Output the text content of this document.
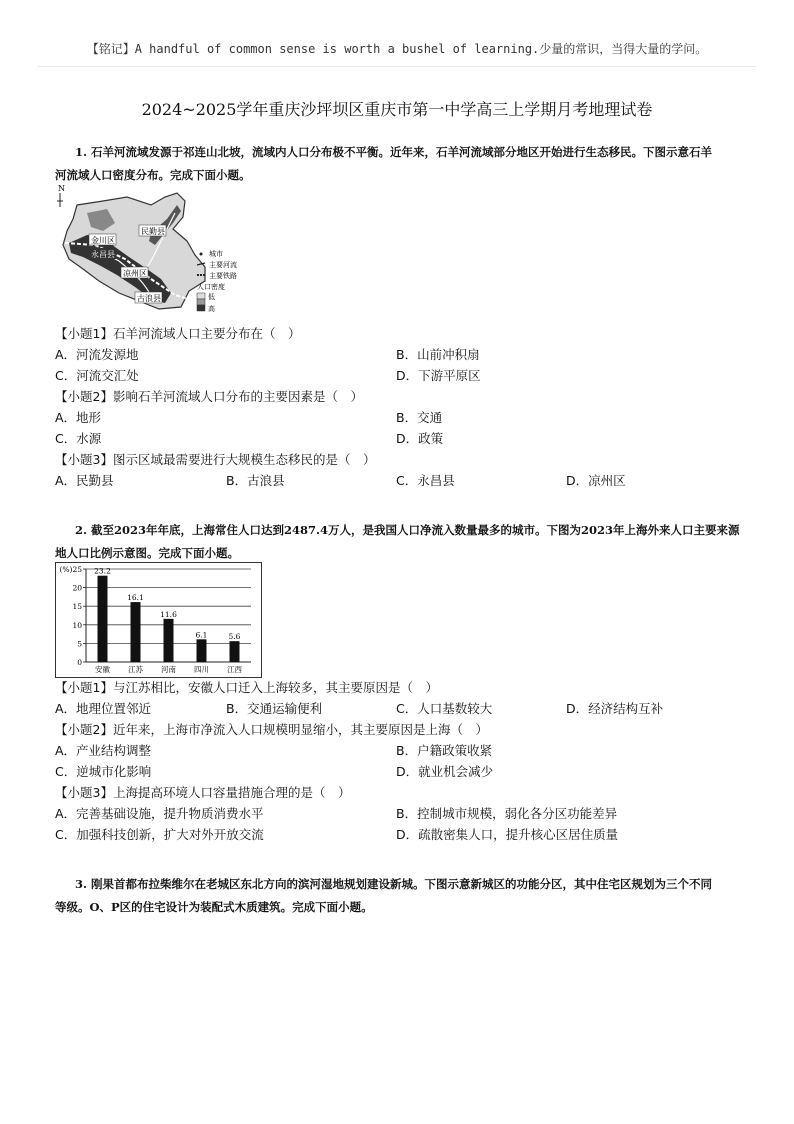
【铭记】A handful of common sense is worth a bushel of learning.少量的常识，当得大量的学问。
2024~2025学年重庆沙坪坝区重庆市第一中学高三上学期月考地理试卷
1. 石羊河流域发源于祁连山北坡，流域内人口分布极不平衡。近年来，石羊河流域部分地区开始进行生态移民。下图示意石羊
河流域人口密度分布。完成下面小题。
N
民勤县
金川区
永昌县
凉州区
古浪县
城市
主要河流
主要铁路
人口密度
低
高
【小题1】石羊河流域人口主要分布在（　）
A．河流发源地	B．山前冲积扇
C．河流交汇处	D．下游平原区
【小题2】影响石羊河流域人口分布的主要因素是（　）
A．地形	B．交通
C．水源	D．政策
【小题3】图示区域最需要进行大规模生态移民的是（　）
A．民勤县	B．古浪县	C．永昌县	D．凉州区
2. 截至2023年年底，上海常住人口达到2487.4万人，是我国人口净流入数量最多的城市。下图为2023年上海外来人口主要来源
地人口比例示意图。完成下面小题。
0
5
10
15
20
(%)25 23.2
安徽
16.1
江苏
11.6
河南
6.1
四川
5.6
江西
【小题1】与江苏相比，安徽人口迁入上海较多，其主要原因是（　）
A．地理位置邻近	B．交通运输便利	C．人口基数较大	D．经济结构互补
【小题2】近年来，上海市净流入人口规模明显缩小，其主要原因是上海（　）
A．产业结构调整	B．户籍政策收紧
C．逆城市化影响	D．就业机会减少
【小题3】上海提高环境人口容量措施合理的是（　）
A．完善基础设施，提升物质消费水平	B．控制城市规模，弱化各分区功能差异
C．加强科技创新，扩大对外开放交流	D．疏散密集人口，提升核心区居住质量
3. 刚果首都布拉柴维尔在老城区东北方向的滨河湿地规划建设新城。下图示意新城区的功能分区，其中住宅区规划为三个不同
等级。O、P区的住宅设计为装配式木质建筑。完成下面小题。
